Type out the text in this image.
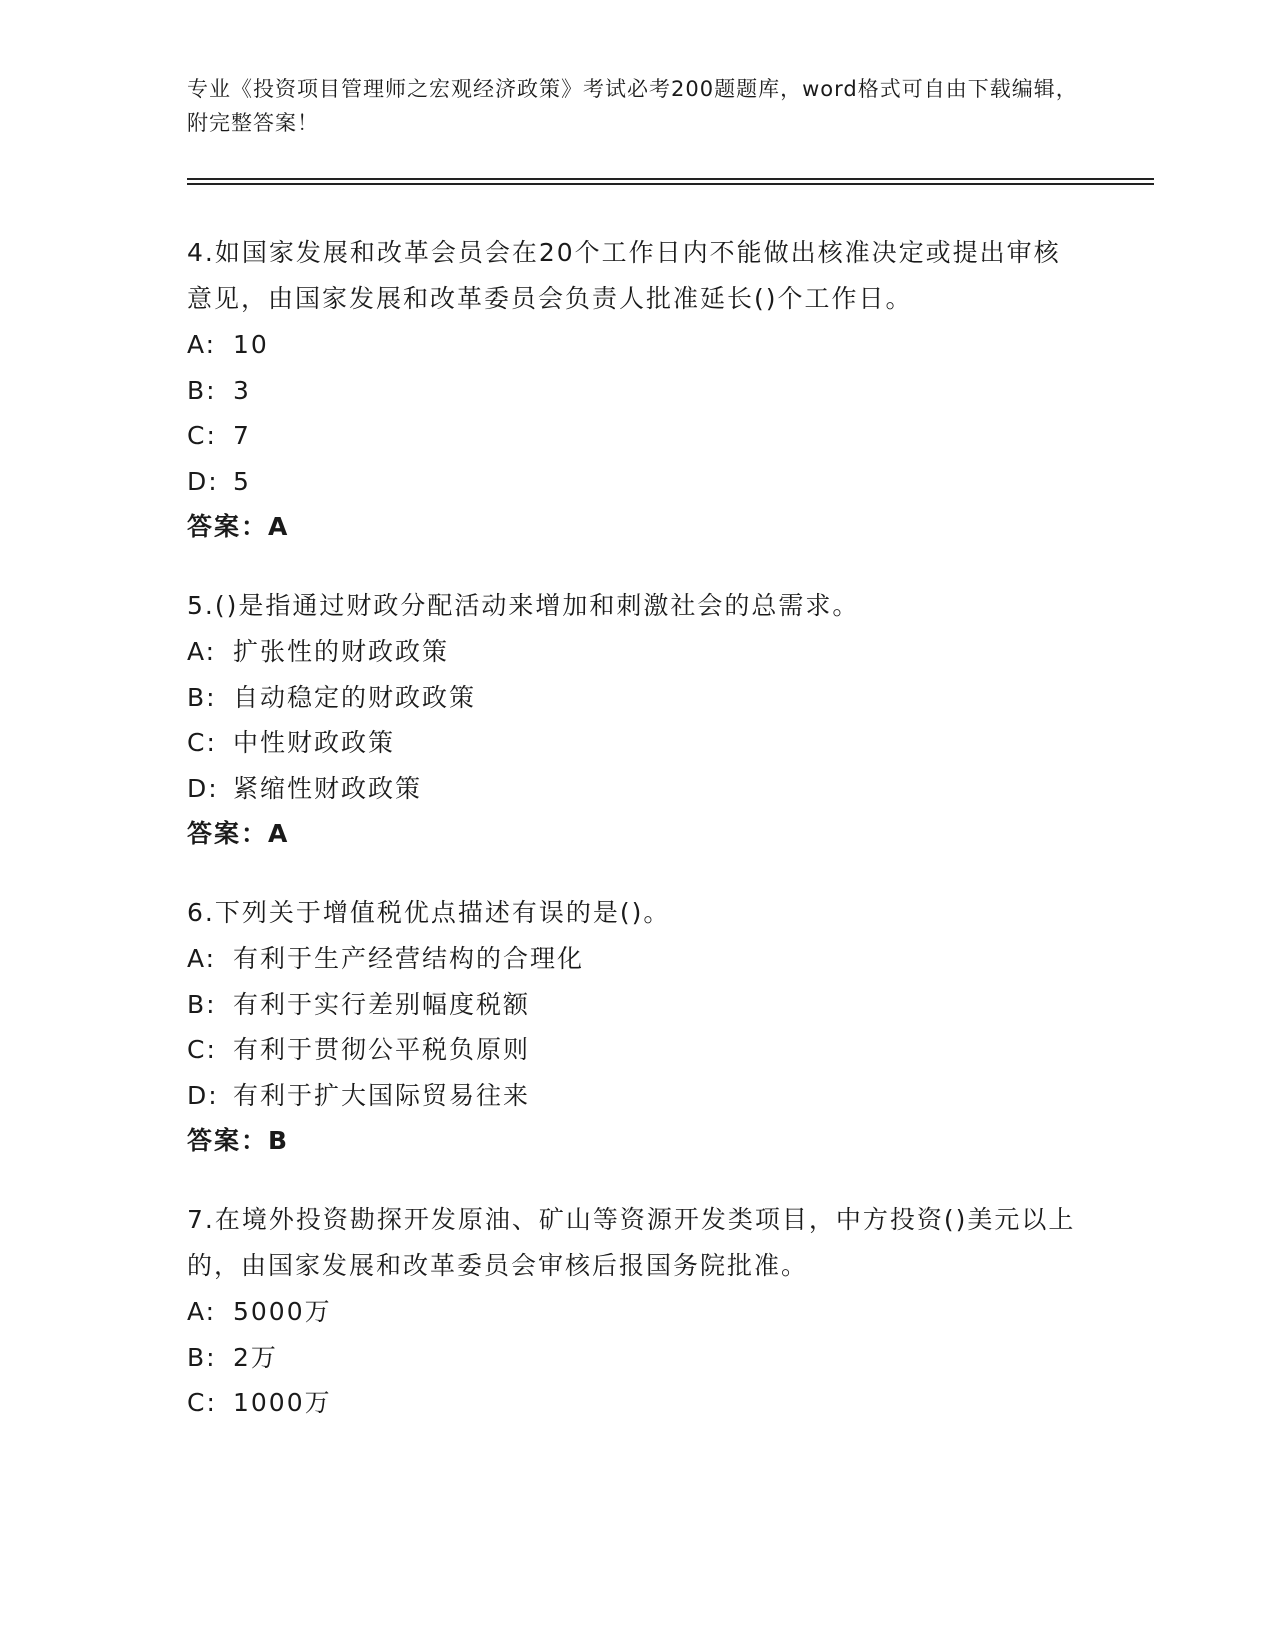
专业《投资项目管理师之宏观经济政策》考试必考200题题库，word格式可自由下载编辑，附完整答案！

4.如国家发展和改革会员会在20个工作日内不能做出核准决定或提出审核意见，由国家发展和改革委员会负责人批准延长()个工作日。

A: 10
B: 3
C: 7
D: 5
答案：A

5.()是指通过财政分配活动来增加和刺激社会的总需求。

A: 扩张性的财政政策
B: 自动稳定的财政政策
C: 中性财政政策
D: 紧缩性财政政策
答案：A

6.下列关于增值税优点描述有误的是()。

A: 有利于生产经营结构的合理化
B: 有利于实行差别幅度税额
C: 有利于贯彻公平税负原则
D: 有利于扩大国际贸易往来
答案：B

7.在境外投资勘探开发原油、矿山等资源开发类项目，中方投资()美元以上的，由国家发展和改革委员会审核后报国务院批准。

A: 5000万
B: 2万
C: 1000万
